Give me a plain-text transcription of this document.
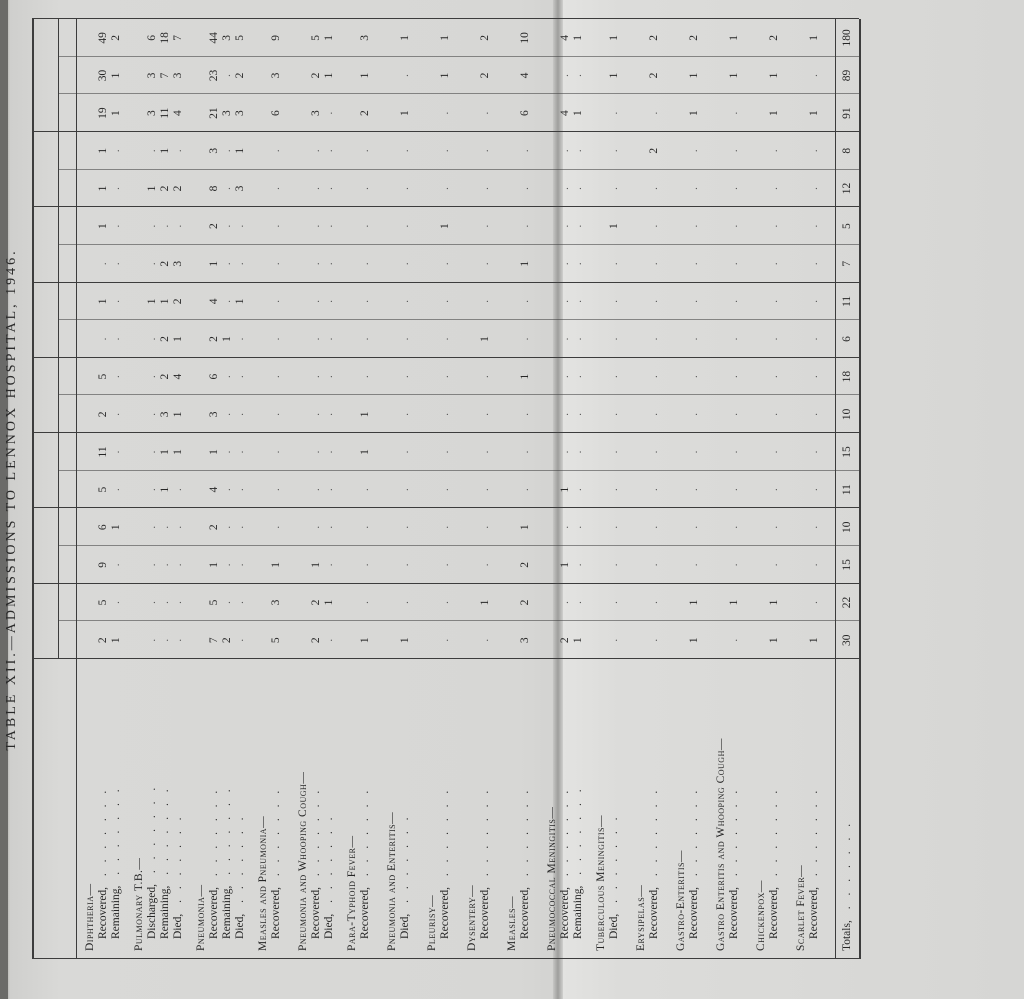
TABLE XII.—ADMISSIONS TO LENNOX HOSPITAL, 1946.
Diphtheria— Recovered, . . . . . . .
Remaining, . . . . . . .
2
5
9
6
5
11
2
5
.
1
.
1
1
1
19
30
49
1
.
.
1
.
.
.
.
.
.
.
.
.
.
1
1
2
Pulmonary T.B.— Discharged, . . . . . . .
Remaining, . . . . . . .
Died, . . . . . . .
.
.
.
.
.
.
.
.
.
1
.
.
1
.
3
3
6
.
.
.
.
1
1
3
2
2
1
2
.
2
1
11
7
18
.
.
.
.
.
1
1
4
1
2
3
.
2
.
4
3
7
Pneumonia— Recovered, . . . . . . .
Remaining, . . . . . . .
Died, . . . . . . .
7
5
1
2
4
1
3
6
2
4
1
2
8
3
21
23
44
2
.
.
.
.
.
.
.
1
.
.
.
.
.
3
.
3
.
.
.
.
.
.
.
.
.
1
.
.
3
1
3
2
5
Measles and Pneumonia— Recovered, . . . . . . .
5
3
1
.
.
.
.
.
.
.
.
.
.
.
6
3
9
Pneumonia and Whooping Cough— Recovered, . . . . . . .
Died, . . . . . . .
2
2
1
.
.
.
.
.
.
.
.
.
.
.
3
2
5
.
1
.
.
.
.
.
.
.
.
.
.
.
.
.
1
1
Para-Typhoid Fever— Recovered, . . . . . . .
1
.
.
.
.
1
1
.
.
.
.
.
.
.
2
1
3
Pneumonia and Enteritis— Died, . . . . . . .
1
.
.
.
.
.
.
.
.
.
.
.
.
.
1
.
1
Pleurisy— Recovered, . . . . . . .
.
.
.
.
.
.
.
.
.
.
.
1
.
.
.
1
1
Dysentery— Recovered, . . . . . . .
.
1
.
.
.
.
.
.
1
.
.
.
.
.
.
2
2
Measles— Recovered, . . . . . . .
3
2
2
1
.
.
.
1
.
.
1
.
.
.
6
4
10
Pneumococcal Meningitis— Recovered, . . . . . . .
Remaining, . . . . . . .
2
.
1
.
1
.
.
.
.
.
.
.
.
.
4
.
4
1
.
.
.
.
.
.
.
.
.
.
.
.
.
1
.
1
Tuberculous Meningitis— Died, . . . . . . .
.
.
.
.
.
.
.
.
.
.
.
1
.
.
.
1
1
Erysipelas— Recovered, . . . . . . .
.
.
.
.
.
.
.
.
.
.
.
.
.
2
.
2
2
Gastro-Enteritis— Recovered, . . . . . . .
1
1
.
.
.
.
.
.
.
.
.
.
.
.
1
1
2
Gastro Enteritis and Whooping Cough— Recovered, . . . . . . .
.
1
.
.
.
.
.
.
.
.
.
.
.
.
.
1
1
Chickenpox— Recovered, . . . . . . .
1
1
.
.
.
.
.
.
.
.
.
.
.
.
1
1
2
Scarlet Fever— Recovered, . . . . . . .
1
.
.
.
.
.
.
.
.
.
.
.
.
.
1
.
1
Totals, . . . . . . .
30
22
15
10
11
15
10
18
6
11
7
5
12
8
91
89
180
